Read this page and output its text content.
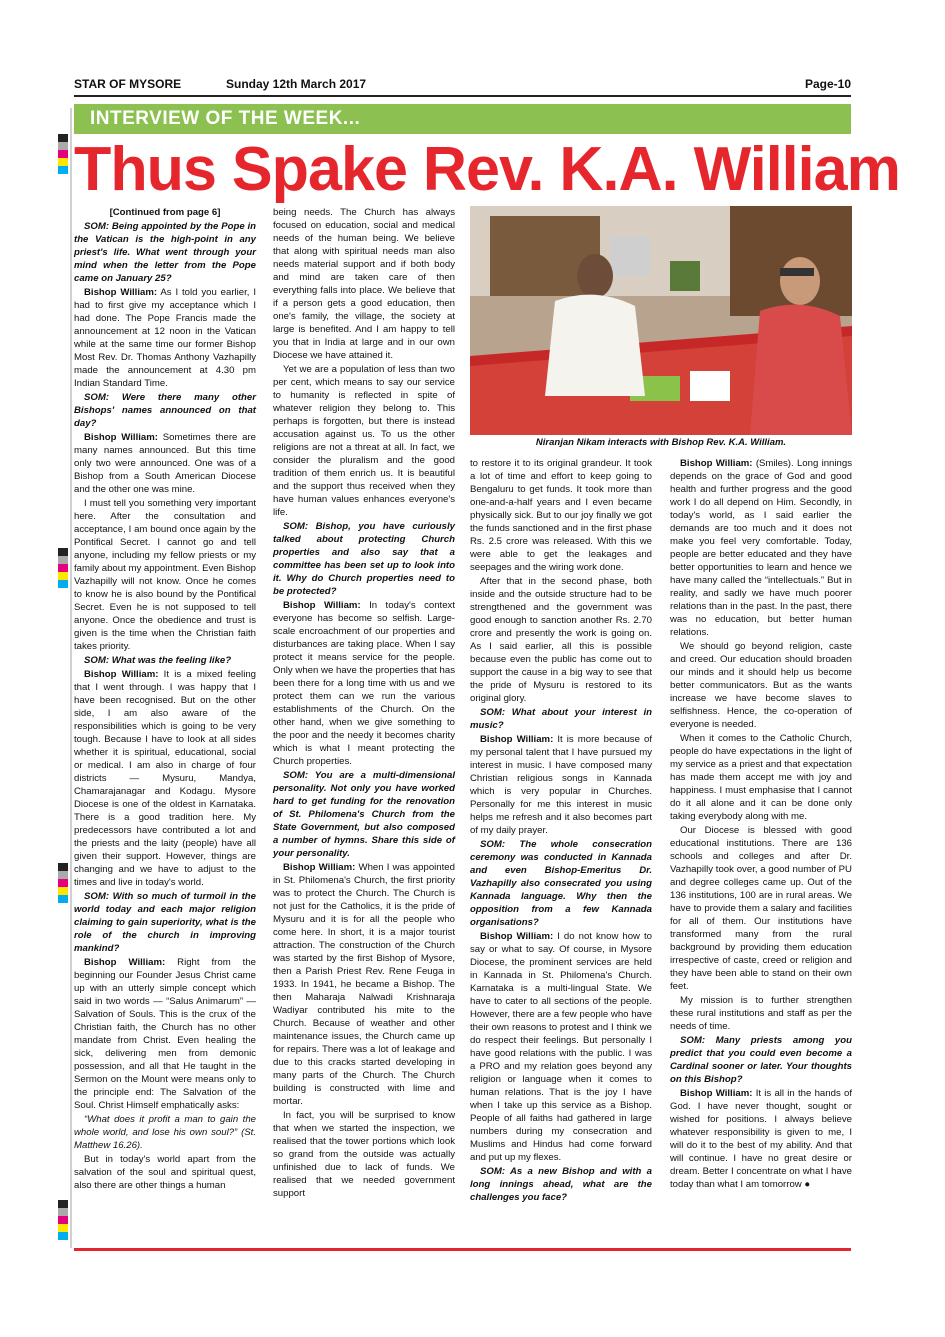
STAR OF MYSORE	Sunday 12th March 2017	Page-10
INTERVIEW OF THE WEEK...
Thus Spake Rev. K.A. William

[Continued from page 6]

SOM: Being appointed by the Pope in the Vatican is the high-point in any priest's life. What went through your mind when the letter from the Pope came on January 25?

Bishop William: As I told you earlier, I had to first give my acceptance which I had done. The Pope Francis made the announcement at 12 noon in the Vatican while at the same time our former Bishop Most Rev. Dr. Thomas Anthony Vazhapilly made the announcement at 4.30 pm Indian Standard Time.

SOM: Were there many other Bishops' names announced on that day?

Bishop William: Sometimes there are many names announced. But this time only two were announced. One was of a Bishop from a South American Diocese and the other one was mine.

I must tell you something very important here. After the consultation and acceptance, I am bound once again by the Pontifical Secret. I cannot go and tell anyone, including my fellow priests or my family about my appointment. Even Bishop Vazhapilly will not know. Once he comes to know he is also bound by the Pontifical Secret. Even he is not supposed to tell anyone. Once the obedience and trust is given is the time when the Christian faith takes priority.

SOM: What was the feeling like?

Bishop William: It is a mixed feeling that I went through. I was happy that I have been recognised. But on the other side, I am also aware of the responsibilities which is going to be very tough. Because I have to look at all sides whether it is spiritual, educational, social or medical. I am also in charge of four districts — Mysuru, Mandya, Chamarajanagar and Kodagu. Mysore Diocese is one of the oldest in Karnataka. There is a good tradition here. My predecessors have contributed a lot and the priests and the laity (people) have all given their support. However, things are changing and we have to adjust to the times and live in today's world.

SOM: With so much of turmoil in the world today and each major religion claiming to gain superiority, what is the role of the church in improving mankind?

Bishop William: Right from the beginning our Founder Jesus Christ came up with an utterly simple concept which said in two words — “Salus Animarum” — Salvation of Souls. This is the crux of the Christian faith, the Church has no other mandate from Christ. Even healing the sick, delivering men from demonic possession, and all that He taught in the Sermon on the Mount were means only to the principle end: The Salvation of the Soul. Christ Himself emphatically asks:

“What does it profit a man to gain the whole world, and lose his own soul?” (St. Matthew 16.26).

But in today's world apart from the salvation of the soul and spiritual quest, also there are other things a human

being needs. The Church has always focused on education, social and medical needs of the human being. We believe that along with spiritual needs man also needs material support and if both body and mind are taken care of then everything falls into place. We believe that if a person gets a good education, then one's family, the village, the society at large is benefited. And I am happy to tell you that in India at large and in our own Diocese we have attained it.

Yet we are a population of less than two per cent, which means to say our service to humanity is reflected in spite of whatever religion they belong to. This perhaps is forgotten, but there is instead accusation against us. To us the other religions are not a threat at all. In fact, we consider the pluralism and the good tradition of them enrich us. It is beautiful and the support thus received when they have human values enhances everyone's life.

SOM: Bishop, you have curiously talked about protecting Church properties and also say that a committee has been set up to look into it. Why do Church properties need to be protected?

Bishop William: In today's context everyone has become so selfish. Large-scale encroachment of our properties and disturbances are taking place. When I say protect it means service for the people. Only when we have the properties that has been there for a long time with us and we protect them can we run the various establishments of the Church. On the other hand, when we give something to the poor and the needy it becomes charity which is what I meant protecting the Church properties.

SOM: You are a multi-dimensional personality. Not only you have worked hard to get funding for the renovation of St. Philomena's Church from the State Government, but also composed a number of hymns. Share this side of your personality.

Bishop William: When I was appointed in St. Philomena's Church, the first priority was to protect the Church. The Church is not just for the Catholics, it is the pride of Mysuru and it is for all the people who come here. In short, it is a major tourist attraction. The construction of the Church was started by the first Bishop of Mysore, then a Parish Priest Rev. Rene Feuga in 1933. In 1941, he became a Bishop. The then Maharaja Nalwadi Krishnaraja Wadiyar contributed his mite to the Church. Because of weather and other maintenance issues, the Church came up for repairs. There was a lot of leakage and due to this cracks started developing in many parts of the Church. The Church building is constructed with lime and mortar.

In fact, you will be surprised to know that when we started the inspection, we realised that the tower portions which look so grand from the outside was actually unfinished due to lack of funds. We realised that we needed government support

Niranjan Nikam interacts with Bishop Rev. K.A. William.

to restore it to its original grandeur. It took a lot of time and effort to keep going to Bengaluru to get funds. It took more than one-and-a-half years and I even became physically sick. But to our joy finally we got the funds sanctioned and in the first phase Rs. 2.5 crore was released. With this we were able to get the leakages and seepages and the wiring work done.

After that in the second phase, both inside and the outside structure had to be strengthened and the government was good enough to sanction another Rs. 2.70 crore and presently the work is going on. As I said earlier, all this is possible because even the public has come out to support the cause in a big way to see that the pride of Mysuru is restored to its original glory.

SOM: What about your interest in music?

Bishop William: It is more because of my personal talent that I have pursued my interest in music. I have composed many Christian religious songs in Kannada which is very popular in Churches. Personally for me this interest in music helps me refresh and it also becomes part of my daily prayer.

SOM: The whole consecration ceremony was conducted in Kannada and even Bishop-Emeritus Dr. Vazhapilly also consecrated you using Kannada language. Why then the opposition from a few Kannada organisations?

Bishop William: I do not know how to say or what to say. Of course, in Mysore Diocese, the prominent services are held in Kannada in St. Philomena's Church. Karnataka is a multi-lingual State. We have to cater to all sections of the people. However, there are a few people who have their own reasons to protest and I think we do respect their feelings. But personally I have good relations with the public. I was a PRO and my relation goes beyond any religion or language when it comes to human relations. That is the joy I have when I take up this service as a Bishop. People of all faiths had gathered in large numbers during my consecration and Muslims and Hindus had come forward and put up my flexes.

SOM: As a new Bishop and with a long innings ahead, what are the challenges you face?

Bishop William: (Smiles). Long innings depends on the grace of God and good health and further progress and the good work I do all depend on Him. Secondly, in today's world, as I said earlier the demands are too much and it does not make you feel very comfortable. Today, people are better educated and they have better opportunities to learn and hence we have many called the “intellectuals.” But in reality, and sadly we have much poorer relations than in the past. In the past, there was no education, but better human relations.

We should go beyond religion, caste and creed. Our education should broaden our minds and it should help us become better communicators. But as the wants increase we have become slaves to selfishness. Hence, the co-operation of everyone is needed.

When it comes to the Catholic Church, people do have expectations in the light of my service as a priest and that expectation has made them accept me with joy and happiness. I must emphasise that I cannot do it all alone and it can be done only taking everybody along with me.

Our Diocese is blessed with good educational institutions. There are 136 schools and colleges and after Dr. Vazhapilly took over, a good number of PU and degree colleges came up. Out of the 136 institutions, 100 are in rural areas. We have to provide them a salary and facilities for all of them. Our institutions have transformed many from the rural background by providing them education irrespective of caste, creed or religion and they have been able to stand on their own feet.

My mission is to further strengthen these rural institutions and staff as per the needs of time.

SOM: Many priests among you predict that you could even become a Cardinal sooner or later. Your thoughts on this Bishop?

Bishop William: It is all in the hands of God. I have never thought, sought or wished for positions. I always believe whatever responsibility is given to me, I will do it to the best of my ability. And that will continue. I have no great desire or dream. Better I concentrate on what I have today than what I am tomorrow ●
